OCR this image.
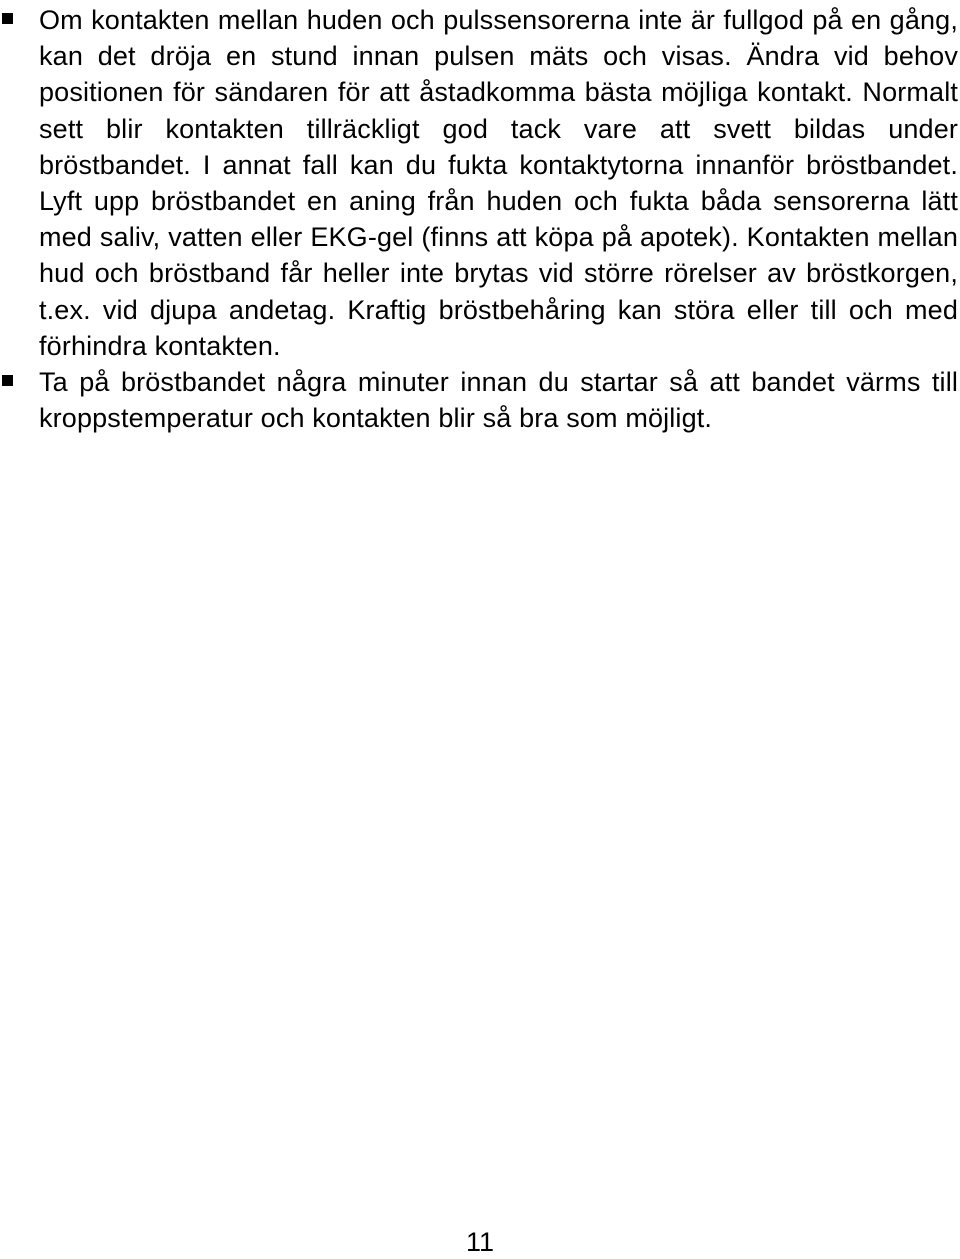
Om kontakten mellan huden och pulssensorerna inte är fullgod på en gång, kan det dröja en stund innan pulsen mäts och visas. Ändra vid behov positionen för sändaren för att åstadkomma bästa möjliga kontakt. Normalt sett blir kontakten tillräckligt god tack vare att svett bildas under bröstbandet. I annat fall kan du fukta kontaktytorna innanför bröstbandet. Lyft upp bröstbandet en aning från huden och fukta båda sensorerna lätt med saliv, vatten eller EKG-gel (finns att köpa på apotek). Kontakten mellan hud och bröstband får heller inte brytas vid större rörelser av bröstkorgen, t.ex. vid djupa andetag. Kraftig bröstbehåring kan störa eller till och med förhindra kontakten.
Ta på bröstbandet några minuter innan du startar så att bandet värms till kroppstemperatur och kontakten blir så bra som möjligt.
11
